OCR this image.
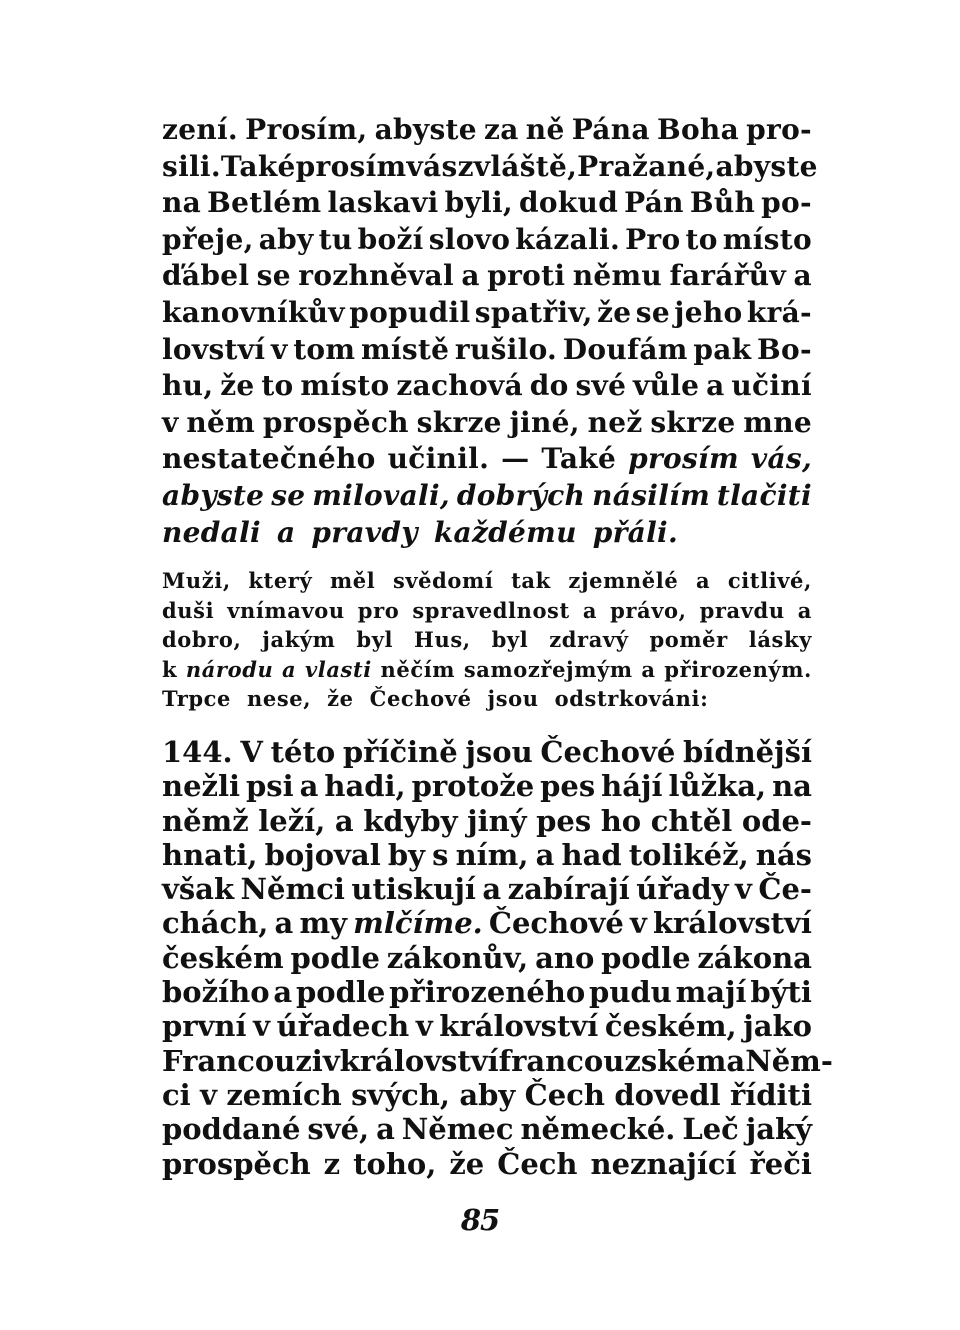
zení. Prosím, abyste za ně Pána Boha pro-
sili. Také prosím vás zvláště, Pražané, abyste
na Betlém laskavi byli, dokud Pán Bůh po-
přeje, aby tu boží slovo kázali. Pro to místo
ďábel se rozhněval a proti němu farářův a
kanovníkův popudil spatřiv, že se jeho krá-
lovství v tom místě rušilo. Doufám pak Bo-
hu, že to místo zachová do své vůle a učiní
v něm prospěch skrze jiné, než skrze mne
nestatečného učinil. — Také prosím vás,
abyste se milovali, dobrých násilím tlačiti
nedali a pravdy každému přáli.
Muži, který měl svědomí tak zjemnělé a citlivé,
duši vnímavou pro spravedlnost a právo, pravdu a
dobro, jakým byl Hus, byl zdravý poměr lásky
k národu a vlasti něčím samozřejmým a přirozeným.
Trpce nese, že Čechové jsou odstrkováni:
144. V této příčině jsou Čechové bídnější
nežli psi a hadi, protože pes hájí lůžka, na
němž leží, a kdyby jiný pes ho chtěl ode-
hnati, bojoval by s ním, a had tolikéž, nás
však Němci utiskují a zabírají úřady v Če-
chách, a my mlčíme. Čechové v království
českém podle zákonův, ano podle zákona
božího a podle přirozeného pudu mají býti
první v úřadech v království českém, jako
Francouzi v království francouzském a Něm-
ci v zemích svých, aby Čech dovedl říditi
poddané své, a Němec německé. Leč jaký
prospěch z toho, že Čech neznající řeči
85
